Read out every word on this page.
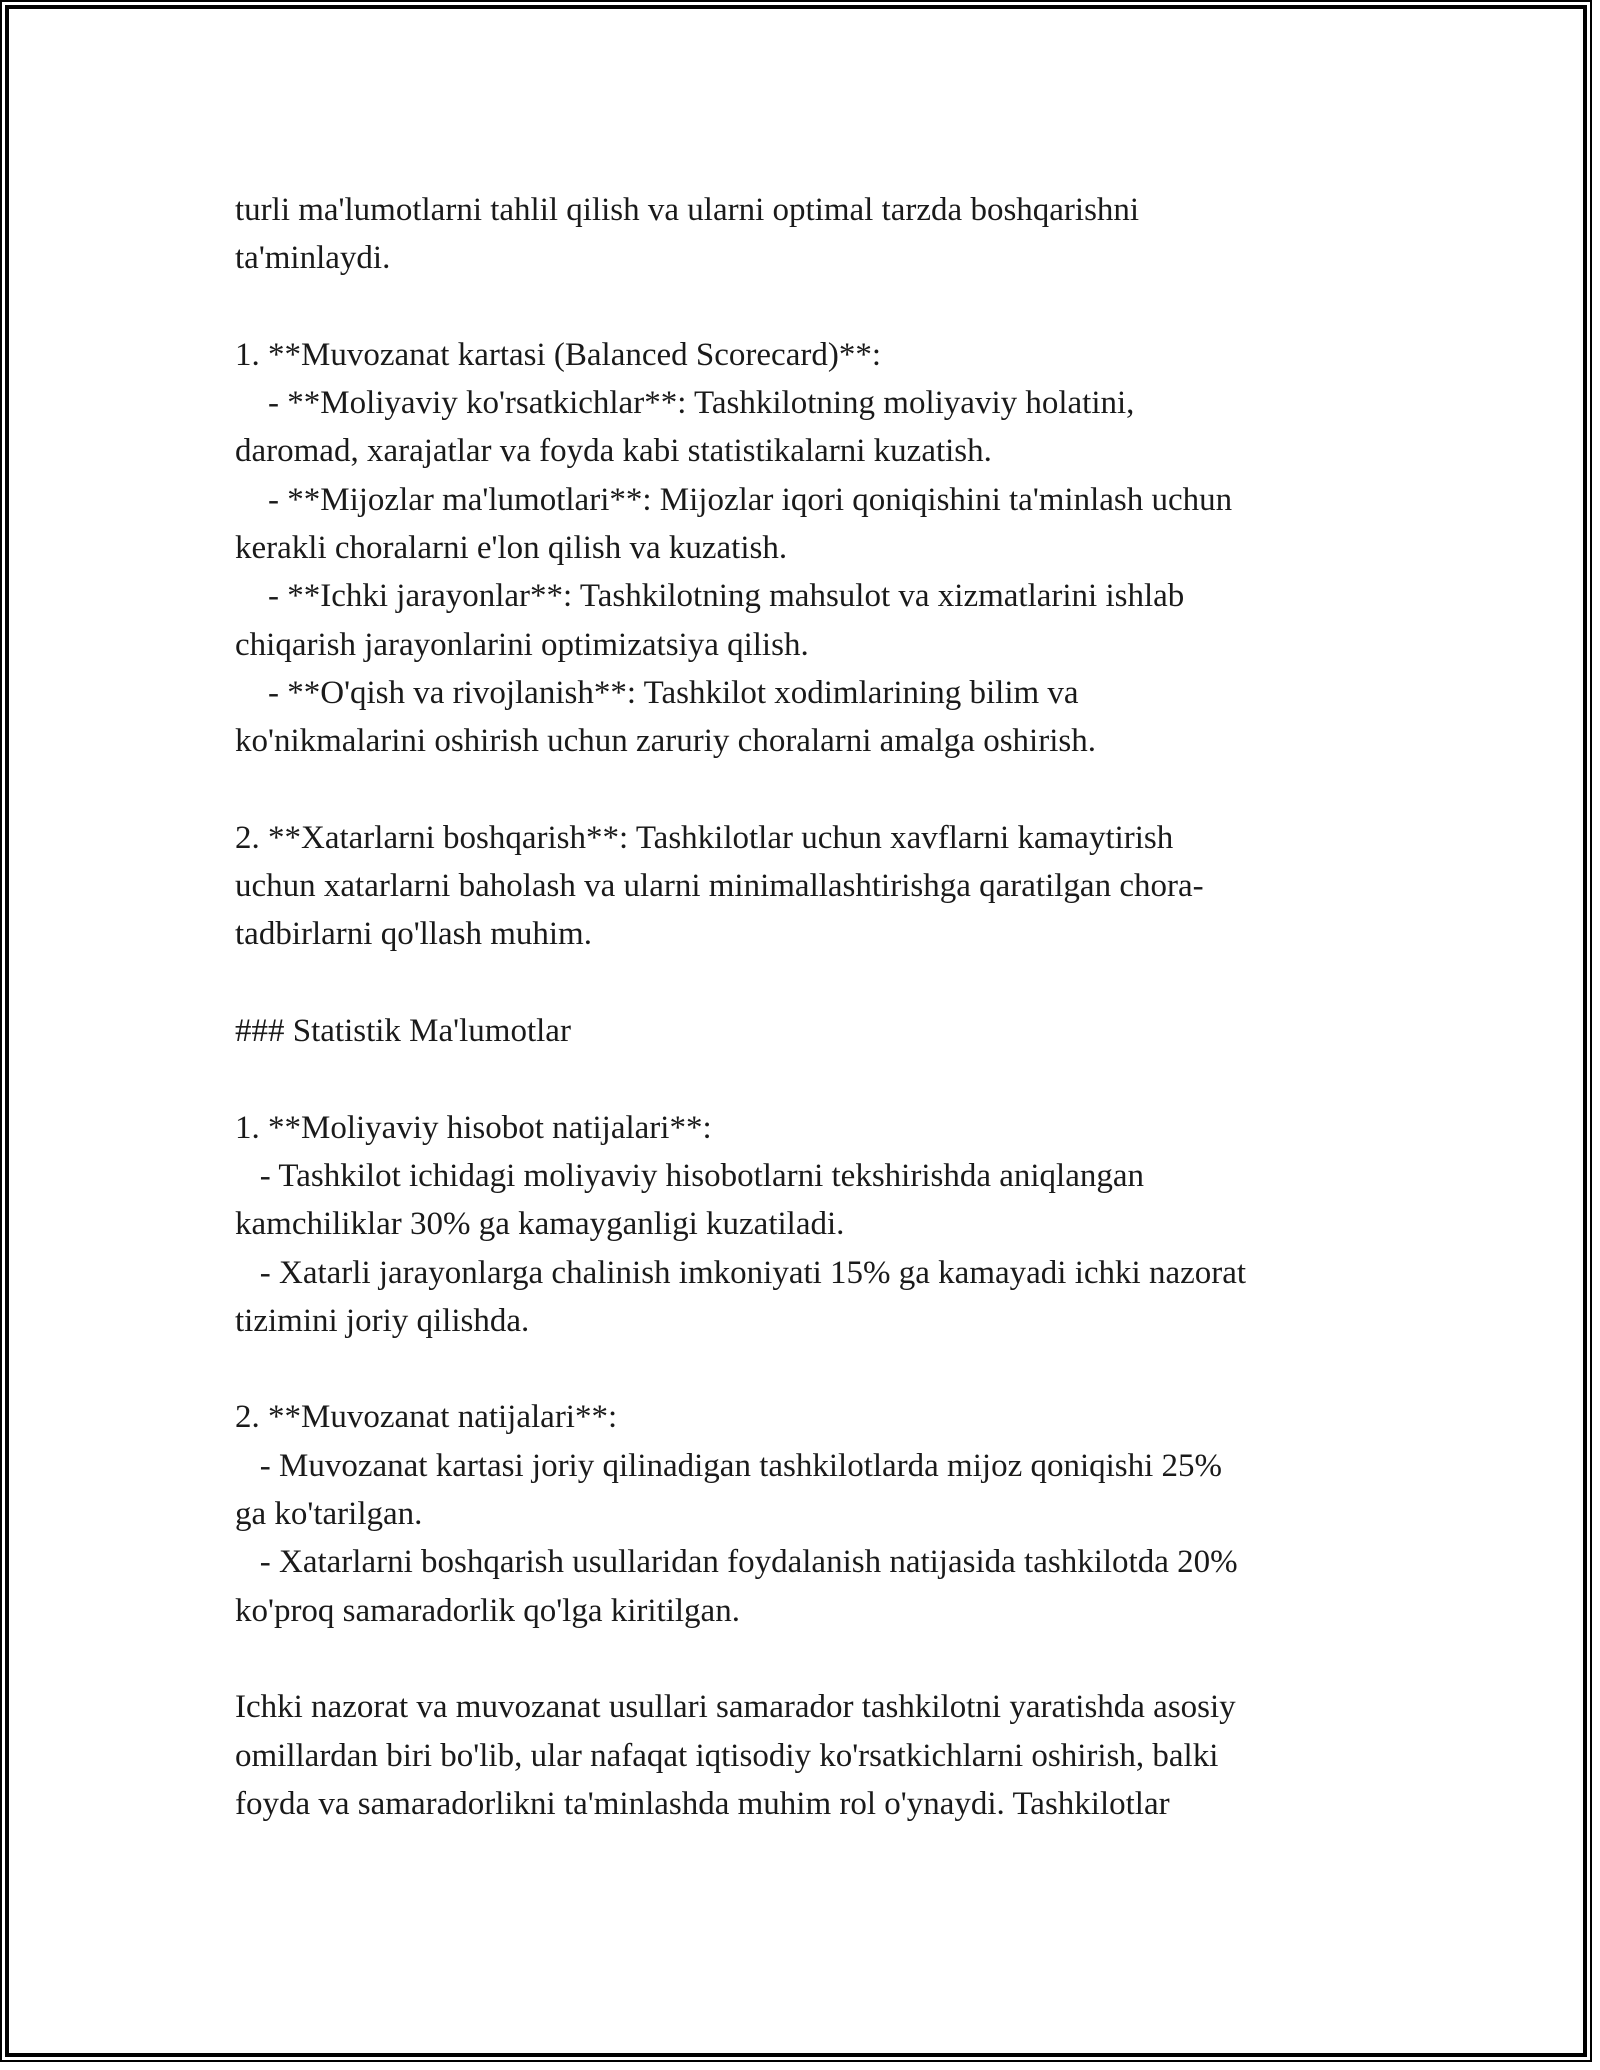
turli ma'lumotlarni tahlil qilish va ularni optimal tarzda boshqarishni
ta'minlaydi.
1. **Muvozanat kartasi (Balanced Scorecard)**:
- **Moliyaviy ko'rsatkichlar**: Tashkilotning moliyaviy holatini,
daromad, xarajatlar va foyda kabi statistikalarni kuzatish.
- **Mijozlar ma'lumotlari**: Mijozlar iqori qoniqishini ta'minlash uchun
kerakli choralarni e'lon qilish va kuzatish.
- **Ichki jarayonlar**: Tashkilotning mahsulot va xizmatlarini ishlab
chiqarish jarayonlarini optimizatsiya qilish.
- **O'qish va rivojlanish**: Tashkilot xodimlarining bilim va
ko'nikmalarini oshirish uchun zaruriy choralarni amalga oshirish.
2. **Xatarlarni boshqarish**: Tashkilotlar uchun xavflarni kamaytirish
uchun xatarlarni baholash va ularni minimallashtirishga qaratilgan chora-
tadbirlarni qo'llash muhim.
### Statistik Ma'lumotlar
1. **Moliyaviy hisobot natijalari**:
- Tashkilot ichidagi moliyaviy hisobotlarni tekshirishda aniqlangan
kamchiliklar 30% ga kamayganligi kuzatiladi.
- Xatarli jarayonlarga chalinish imkoniyati 15% ga kamayadi ichki nazorat
tizimini joriy qilishda.
2. **Muvozanat natijalari**:
- Muvozanat kartasi joriy qilinadigan tashkilotlarda mijoz qoniqishi 25%
ga ko'tarilgan.
- Xatarlarni boshqarish usullaridan foydalanish natijasida tashkilotda 20%
ko'proq samaradorlik qo'lga kiritilgan.
Ichki nazorat va muvozanat usullari samarador tashkilotni yaratishda asosiy
omillardan biri bo'lib, ular nafaqat iqtisodiy ko'rsatkichlarni oshirish, balki
foyda va samaradorlikni ta'minlashda muhim rol o'ynaydi. Tashkilotlar
